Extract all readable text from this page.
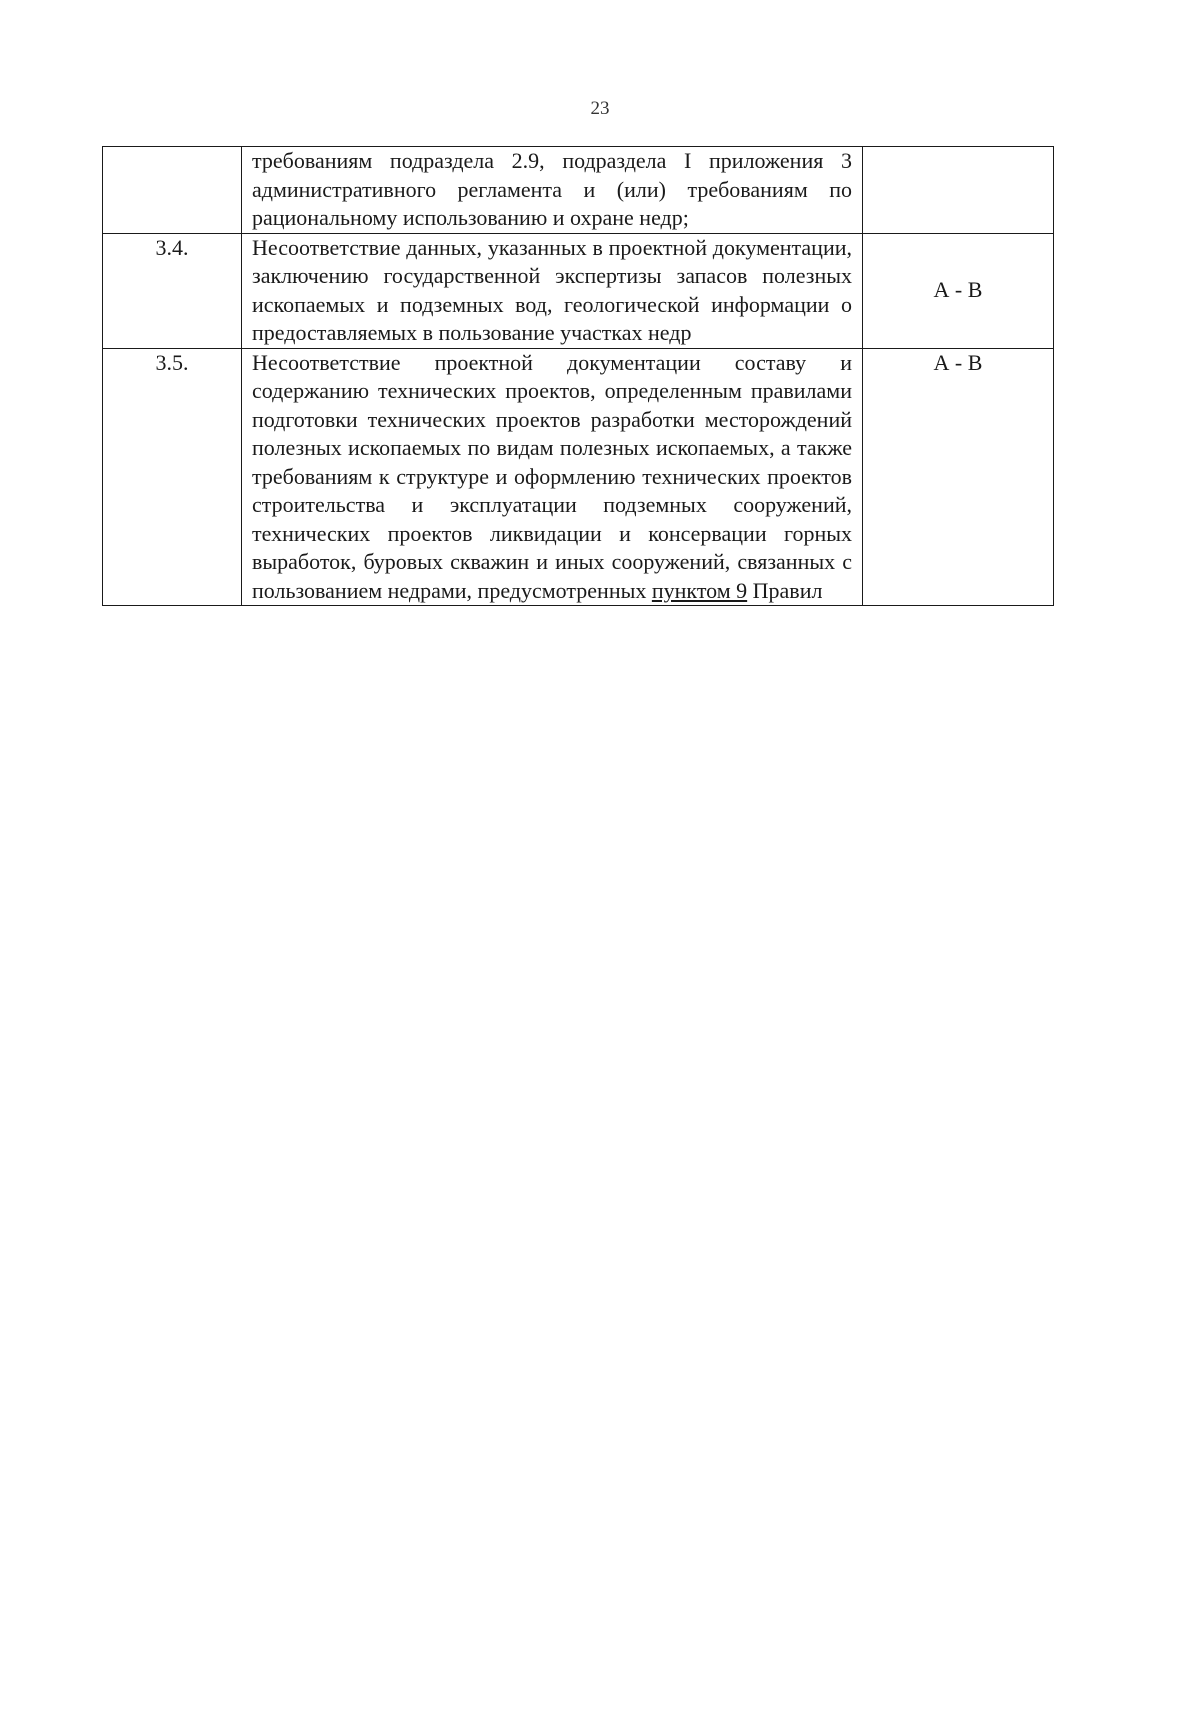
23
	требованиям подраздела 2.9, подраздела I приложения 3 административного регламента и (или) требованиям по рациональному использованию и охране недр;	
3.4.	Несоответствие данных, указанных в проектной документации, заключению государственной экспертизы запасов полезных ископаемых и подземных вод, геологической информации о предоставляемых в пользование участках недр	А - В
3.5.	Несоответствие проектной документации составу и содержанию технических проектов, определенным правилами подготовки технических проектов разработки месторождений полезных ископаемых по видам полезных ископаемых, а также требованиям к структуре и оформлению технических проектов строительства и эксплуатации подземных сооружений, технических проектов ликвидации и консервации горных выработок, буровых скважин и иных сооружений, связанных с пользованием недрами, предусмотренных пунктом 9 Правил	А - В
